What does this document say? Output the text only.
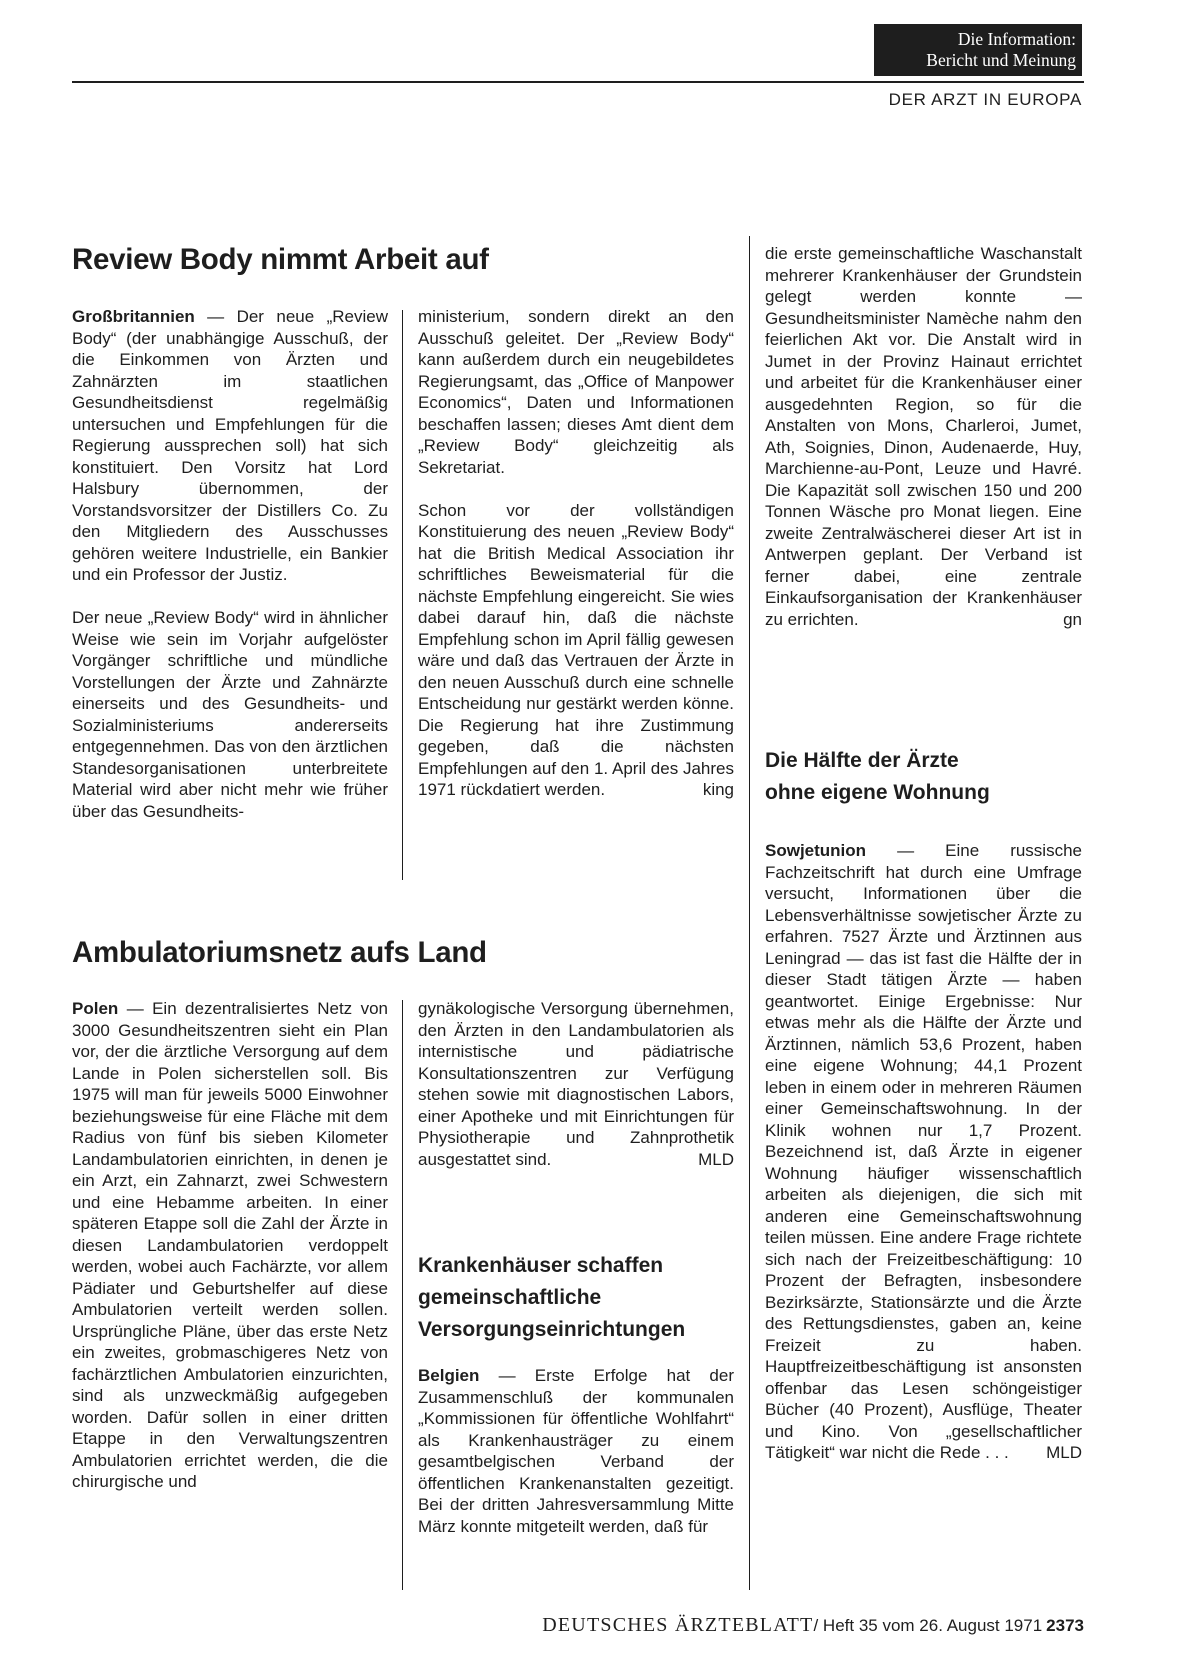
Die Information:
Bericht und Meinung
DER ARZT IN EUROPA
Review Body nimmt Arbeit auf

Großbritannien — Der neue „Review Body“ (der unabhängige Ausschuß, der die Einkommen von Ärzten und Zahnärzten im staatlichen Gesundheitsdienst regelmäßig untersuchen und Empfehlungen für die Regierung aussprechen soll) hat sich konstituiert. Den Vorsitz hat Lord Halsbury übernommen, der Vorstandsvorsitzer der Distillers Co. Zu den Mitgliedern des Ausschusses gehören weitere Industrielle, ein Bankier und ein Professor der Justiz.

Der neue „Review Body“ wird in ähnlicher Weise wie sein im Vorjahr aufgelöster Vorgänger schriftliche und mündliche Vorstellungen der Ärzte und Zahnärzte einerseits und des Gesundheits- und Sozialministeriums andererseits entgegennehmen. Das von den ärztlichen Standesorganisationen unterbreitete Material wird aber nicht mehr wie früher über das Gesundheits-

ministerium, sondern direkt an den Ausschuß geleitet. Der „Review Body“ kann außerdem durch ein neugebildetes Regierungsamt, das „Office of Manpower Economics“, Daten und Informationen beschaffen lassen; dieses Amt dient dem „Review Body“ gleichzeitig als Sekretariat.

Schon vor der vollständigen Konstituierung des neuen „Review Body“ hat die British Medical Association ihr schriftliches Beweismaterial für die nächste Empfehlung eingereicht. Sie wies dabei darauf hin, daß die nächste Empfehlung schon im April fällig gewesen wäre und daß das Vertrauen der Ärzte in den neuen Ausschuß durch eine schnelle Entscheidung nur gestärkt werden könne. Die Regierung hat ihre Zustimmung gegeben, daß die nächsten Empfehlungen auf den 1. April des Jahres 1971 rückdatiert werden.	king

Ambulatoriumsnetz aufs Land

Polen — Ein dezentralisiertes Netz von 3000 Gesundheitszentren sieht ein Plan vor, der die ärztliche Versorgung auf dem Lande in Polen sicherstellen soll. Bis 1975 will man für jeweils 5000 Einwohner beziehungsweise für eine Fläche mit dem Radius von fünf bis sieben Kilometer Landambulatorien einrichten, in denen je ein Arzt, ein Zahnarzt, zwei Schwestern und eine Hebamme arbeiten. In einer späteren Etappe soll die Zahl der Ärzte in diesen Landambulatorien verdoppelt werden, wobei auch Fachärzte, vor allem Pädiater und Geburtshelfer auf diese Ambulatorien verteilt werden sollen. Ursprüngliche Pläne, über das erste Netz ein zweites, grobmaschigeres Netz von fachärztlichen Ambulatorien einzurichten, sind als unzweckmäßig aufgegeben worden. Dafür sollen in einer dritten Etappe in den Verwaltungszentren Ambulatorien errichtet werden, die die chirurgische und

gynäkologische Versorgung übernehmen, den Ärzten in den Landambulatorien als internistische und pädiatrische Konsultationszentren zur Verfügung stehen sowie mit diagnostischen Labors, einer Apotheke und mit Einrichtungen für Physiotherapie und Zahnprothetik ausgestattet sind.	MLD

Krankenhäuser schaffen gemeinschaftliche Versorgungseinrichtungen

Belgien — Erste Erfolge hat der Zusammenschluß der kommunalen „Kommissionen für öffentliche Wohlfahrt“ als Krankenhausträger zu einem gesamtbelgischen Verband der öffentlichen Krankenanstalten gezeitigt. Bei der dritten Jahresversammlung Mitte März konnte mitgeteilt werden, daß für

die erste gemeinschaftliche Waschanstalt mehrerer Krankenhäuser der Grundstein gelegt werden konnte — Gesundheitsminister Namèche nahm den feierlichen Akt vor. Die Anstalt wird in Jumet in der Provinz Hainaut errichtet und arbeitet für die Krankenhäuser einer ausgedehnten Region, so für die Anstalten von Mons, Charleroi, Jumet, Ath, Soignies, Dinon, Audenaerde, Huy, Marchienne-au-Pont, Leuze und Havré. Die Kapazität soll zwischen 150 und 200 Tonnen Wäsche pro Monat liegen. Eine zweite Zentralwäscherei dieser Art ist in Antwerpen geplant. Der Verband ist ferner dabei, eine zentrale Einkaufsorganisation der Krankenhäuser zu errichten.	gn

Die Hälfte der Ärzte
ohne eigene Wohnung

Sowjetunion — Eine russische Fachzeitschrift hat durch eine Umfrage versucht, Informationen über die Lebensverhältnisse sowjetischer Ärzte zu erfahren. 7527 Ärzte und Ärztinnen aus Leningrad — das ist fast die Hälfte der in dieser Stadt tätigen Ärzte — haben geantwortet. Einige Ergebnisse: Nur etwas mehr als die Hälfte der Ärzte und Ärztinnen, nämlich 53,6 Prozent, haben eine eigene Wohnung; 44,1 Prozent leben in einem oder in mehreren Räumen einer Gemeinschaftswohnung. In der Klinik wohnen nur 1,7 Prozent. Bezeichnend ist, daß Ärzte in eigener Wohnung häufiger wissenschaftlich arbeiten als diejenigen, die sich mit anderen eine Gemeinschaftswohnung teilen müssen. Eine andere Frage richtete sich nach der Freizeitbeschäftigung: 10 Prozent der Befragten, insbesondere Bezirksärzte, Stationsärzte und die Ärzte des Rettungsdienstes, gaben an, keine Freizeit zu haben. Hauptfreizeitbeschäftigung ist ansonsten offenbar das Lesen schöngeistiger Bücher (40 Prozent), Ausflüge, Theater und Kino. Von „gesellschaftlicher Tätigkeit“ war nicht die Rede . . . MLD

DEUTSCHES ÄRZTEBLATT/ Heft 35 vom 26. August 1971 2373
